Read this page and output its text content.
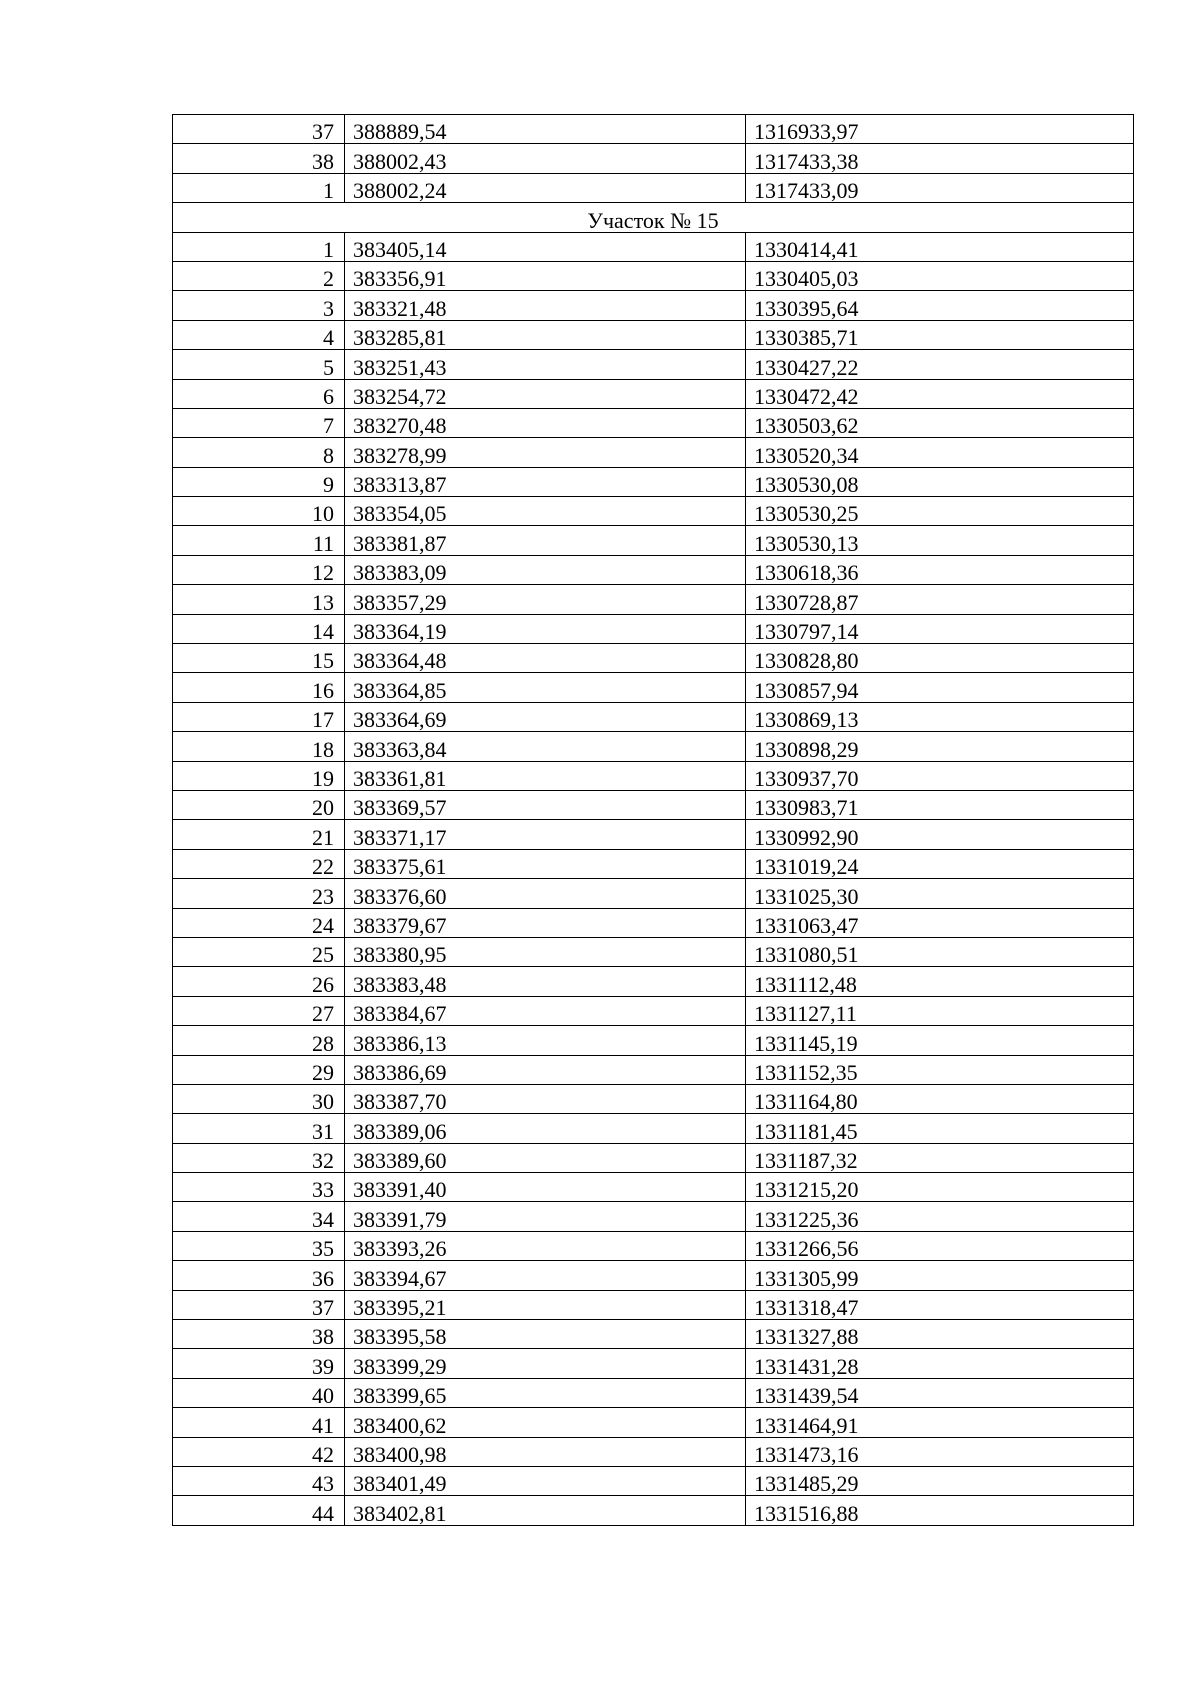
37	388889,54	1316933,97
38	388002,43	1317433,38
1	388002,24	1317433,09
Участок № 15		
1	383405,14	1330414,41
2	383356,91	1330405,03
3	383321,48	1330395,64
4	383285,81	1330385,71
5	383251,43	1330427,22
6	383254,72	1330472,42
7	383270,48	1330503,62
8	383278,99	1330520,34
9	383313,87	1330530,08
10	383354,05	1330530,25
11	383381,87	1330530,13
12	383383,09	1330618,36
13	383357,29	1330728,87
14	383364,19	1330797,14
15	383364,48	1330828,80
16	383364,85	1330857,94
17	383364,69	1330869,13
18	383363,84	1330898,29
19	383361,81	1330937,70
20	383369,57	1330983,71
21	383371,17	1330992,90
22	383375,61	1331019,24
23	383376,60	1331025,30
24	383379,67	1331063,47
25	383380,95	1331080,51
26	383383,48	1331112,48
27	383384,67	1331127,11
28	383386,13	1331145,19
29	383386,69	1331152,35
30	383387,70	1331164,80
31	383389,06	1331181,45
32	383389,60	1331187,32
33	383391,40	1331215,20
34	383391,79	1331225,36
35	383393,26	1331266,56
36	383394,67	1331305,99
37	383395,21	1331318,47
38	383395,58	1331327,88
39	383399,29	1331431,28
40	383399,65	1331439,54
41	383400,62	1331464,91
42	383400,98	1331473,16
43	383401,49	1331485,29
44	383402,81	1331516,88
